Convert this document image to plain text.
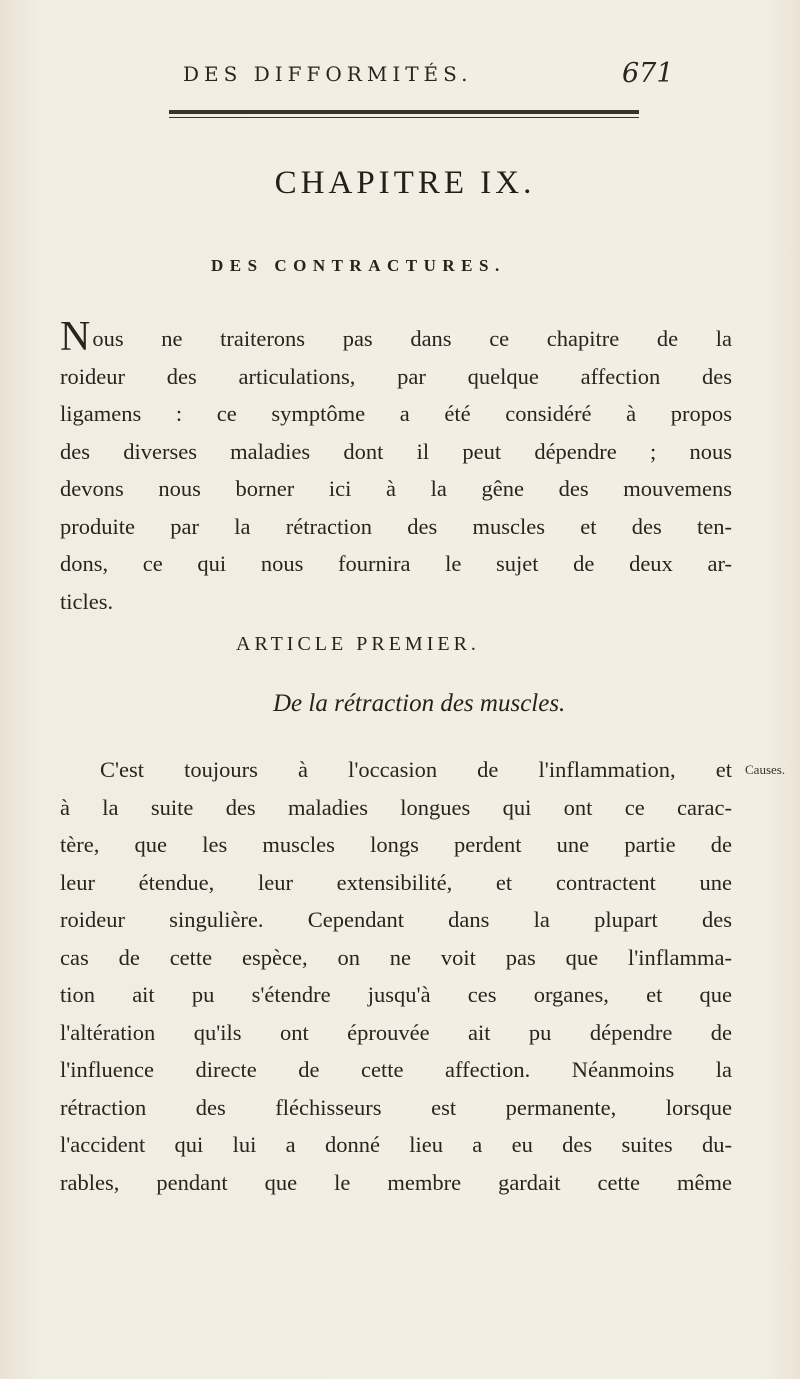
DES DIFFORMITÉS.	671
CHAPITRE IX.
DES CONTRACTURES.
Nous ne traiterons pas dans ce chapitre de la
roideur des articulations, par quelque affection des
ligamens : ce symptôme a été considéré à propos
des diverses maladies dont il peut dépendre ; nous
devons nous borner ici à la gêne des mouvemens
produite par la rétraction des muscles et des ten-
dons, ce qui nous fournira le sujet de deux ar-
ticles.
ARTICLE PREMIER.
De la rétraction des muscles.
Causes.
C'est toujours à l'occasion de l'inflammation, et
à la suite des maladies longues qui ont ce carac-
tère, que les muscles longs perdent une partie de
leur étendue, leur extensibilité, et contractent une
roideur singulière. Cependant dans la plupart des
cas de cette espèce, on ne voit pas que l'inflamma-
tion ait pu s'étendre jusqu'à ces organes, et que
l'altération qu'ils ont éprouvée ait pu dépendre de
l'influence directe de cette affection. Néanmoins la
rétraction des fléchisseurs est permanente, lorsque
l'accident qui lui a donné lieu a eu des suites du-
rables, pendant que le membre gardait cette même
